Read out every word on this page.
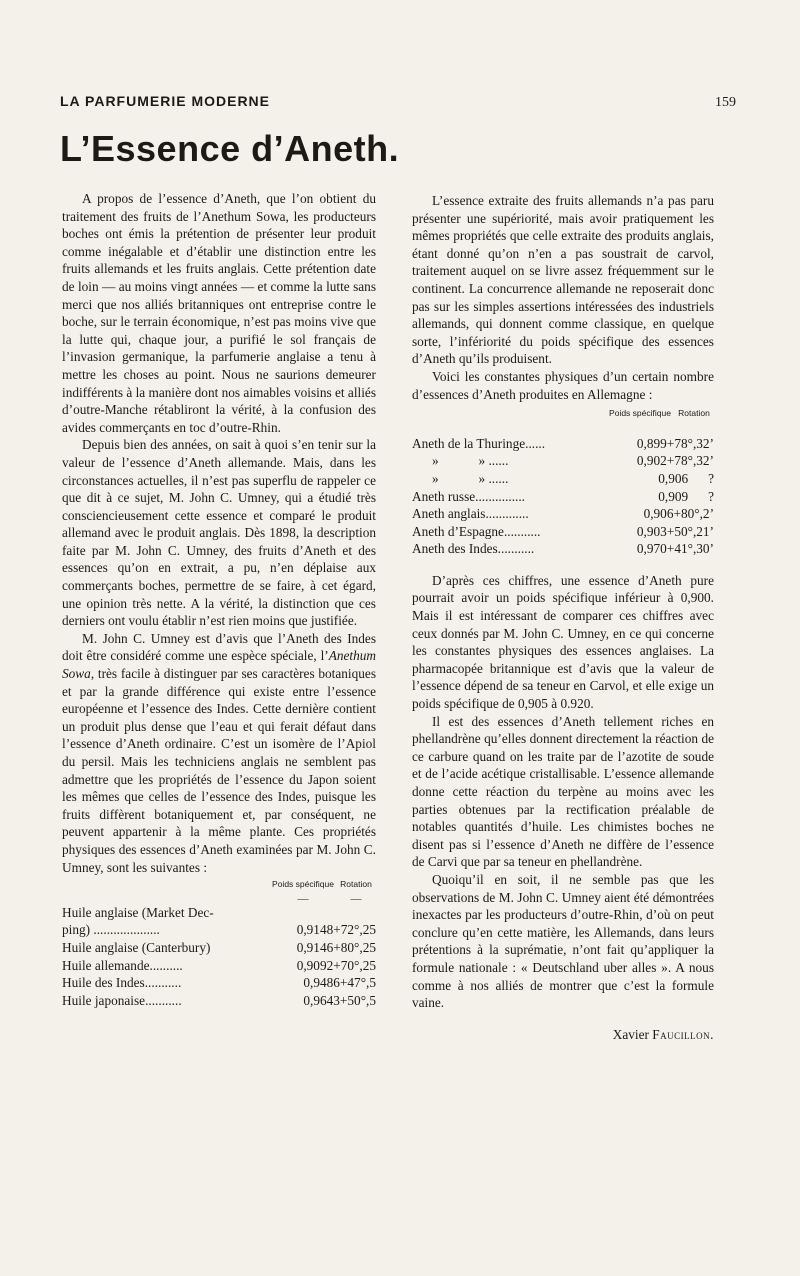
LA PARFUMERIE MODERNE	159
L’Essence d’Aneth.

A propos de l’essence d’Aneth, que l’on obtient du traitement des fruits de l’Anethum Sowa, les producteurs boches ont émis la prétention de présenter leur produit comme inégalable et d’établir une distinction entre les fruits allemands et les fruits anglais. Cette prétention date de loin — au moins vingt années — et comme la lutte sans merci que nos alliés britanniques ont entreprise contre le boche, sur le terrain économique, n’est pas moins vive que la lutte qui, chaque jour, a purifié le sol français de l’invasion germanique, la parfumerie anglaise a tenu à mettre les choses au point. Nous ne saurions demeurer indifférents à la manière dont nos aimables voisins et alliés d’outre-Manche rétabliront la vérité, à la confusion des avides commerçants en toc d’outre-Rhin.

Depuis bien des années, on sait à quoi s’en tenir sur la valeur de l’essence d’Aneth allemande. Mais, dans les circonstances actuelles, il n’est pas superflu de rappeler ce que dit à ce sujet, M. John C. Umney, qui a étudié très consciencieusement cette essence et comparé le produit allemand avec le produit anglais. Dès 1898, la description faite par M. John C. Umney, des fruits d’Aneth et des essences qu’on en extrait, a pu, n’en déplaise aux commerçants boches, permettre de se faire, à cet égard, une opinion très nette. A la vérité, la distinction que ces derniers ont voulu établir n’est rien moins que justifiée.

M. John C. Umney est d’avis que l’Aneth des Indes doit être considéré comme une espèce spéciale, l’Anethum Sowa, très facile à distinguer par ses caractères botaniques et par la grande différence qui existe entre l’essence européenne et l’essence des Indes. Cette dernière contient un produit plus dense que l’eau et qui ferait défaut dans l’essence d’Aneth ordinaire. C’est un isomère de l’Apiol du persil. Mais les techniciens anglais ne semblent pas admettre que les propriétés de l’essence du Japon soient les mêmes que celles de l’essence des Indes, puisque les fruits diffèrent botaniquement et, par conséquent, ne peuvent appartenir à la même plante. Ces propriétés physiques des essences d’Aneth examinées par M. John C. Umney, sont les suivantes :

Poids spécifique Rotation
—	—
Huile anglaise (Market Dec-
ping) ....................	0,9148+72°,25
Huile anglaise (Canterbury)	0,9146+80°,25
Huile allemande..........	0,9092+70°,25
Huile des Indes...........	0,9486+47°,5
Huile japonaise...........	0,9643+50°,5

L’essence extraite des fruits allemands n’a pas paru présenter une supériorité, mais avoir pratiquement les mêmes propriétés que celle extraite des produits anglais, étant donné qu’on n’en a pas soustrait de carvol, traitement auquel on se livre assez fréquemment sur le continent. La concurrence allemande ne reposerait donc pas sur les simples assertions intéressées des industriels allemands, qui donnent comme classique, en quelque sorte, l’infériorité du poids spécifique des essences d’Aneth qu’ils produisent.

Voici les constantes physiques d’un certain nombre d’essences d’Aneth produites en Allemagne :

Poids spécifique Rotation
Aneth de la Thuringe......	0,899+78°,32’
»            » ......	0,902+78°,32’
»            » ......	0,906      ?
Aneth russe...............	0,909      ?
Aneth anglais.............	0,906+80°,2’
Aneth d’Espagne...........	0,903+50°,21’
Aneth des Indes...........	0,970+41°,30’

D’après ces chiffres, une essence d’Aneth pure pourrait avoir un poids spécifique inférieur à 0,900. Mais il est intéressant de comparer ces chiffres avec ceux donnés par M. John C. Umney, en ce qui concerne les constantes physiques des essences anglaises. La pharmacopée britannique est d’avis que la valeur de l’essence dépend de sa teneur en Carvol, et elle exige un poids spécifique de 0,905 à 0.920.

Il est des essences d’Aneth tellement riches en phellandrène qu’elles donnent directement la réaction de ce carbure quand on les traite par de l’azotite de soude et de l’acide acétique cristallisable. L’essence allemande donne cette réaction du terpène au moins avec les parties obtenues par la rectification préalable de notables quantités d’huile. Les chimistes boches ne disent pas si l’essence d’Aneth ne diffère de l’essence de Carvi que par sa teneur en phellandrène.

Quoiqu’il en soit, il ne semble pas que les observations de M. John C. Umney aient été démontrées inexactes par les producteurs d’outre-Rhin, d’où on peut conclure qu’en cette matière, les Allemands, dans leurs prétentions à la suprématie, n’ont fait qu’appliquer la formule nationale : « Deutschland uber alles ». A nous comme à nos alliés de montrer que c’est la formule vaine.

Xavier Faucillon.
